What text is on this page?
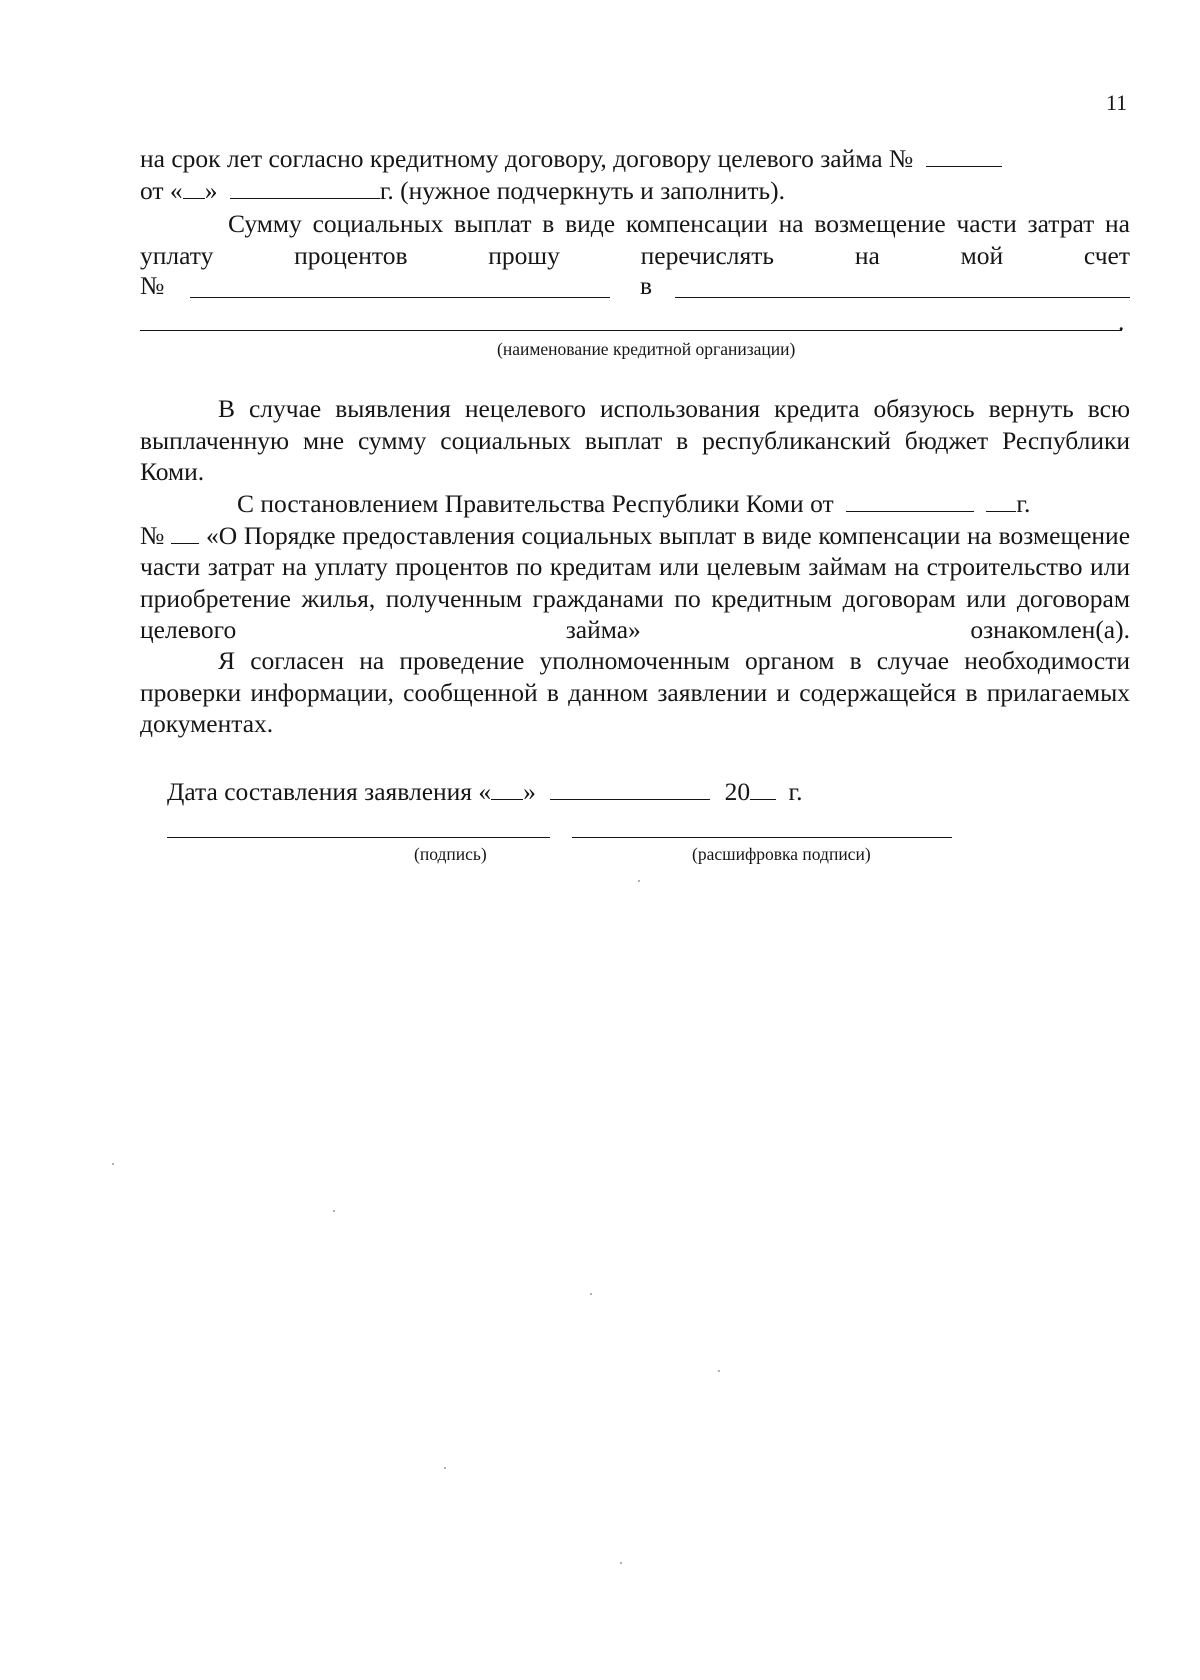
11
на срок лет согласно кредитному договору, договору целевого займа №
от « »	г. (нужное подчеркнуть и заполнить).
Сумму социальных выплат в виде компенсации на возмещение части затрат на уплату процентов прошу перечислять на мой счет
№	в
.
(наименование кредитной организации)
В случае выявления нецелевого использования кредита обязуюсь вернуть всю выплаченную мне сумму социальных выплат в республиканский бюджет Республики Коми.
С постановлением Правительства Республики Коми от	г.
№ «О Порядке предоставления социальных выплат в виде компенсации на возмещение части затрат на уплату процентов по кредитам или целевым займам на строительство или приобретение жилья, полученным гражданами по кредитным договорам или договорам целевого займа» ознакомлен(а).
Я согласен на проведение уполномоченным органом в случае необходимости проверки информации, сообщенной в данном заявлении и содержащейся в прилагаемых документах.
Дата составления заявления « »	20 г.
(подпись)	(расшифровка подписи)
